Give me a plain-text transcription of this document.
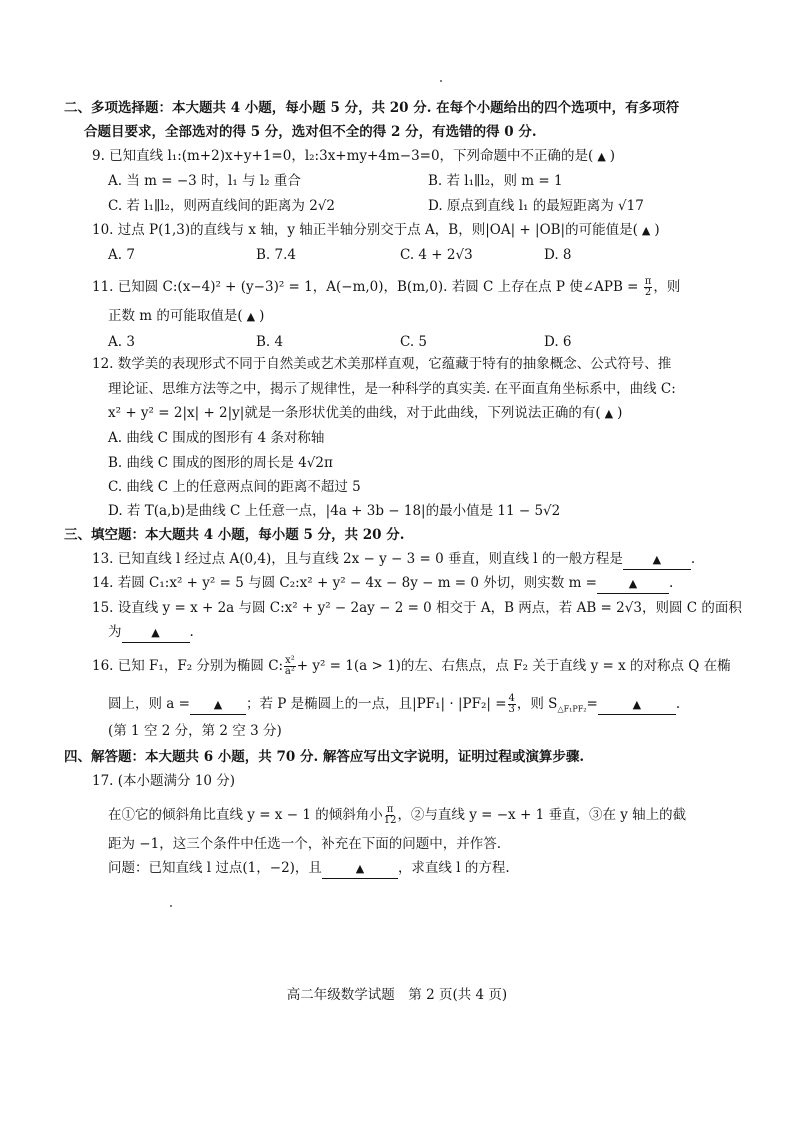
二、多项选择题：本大题共 4 小题，每小题 5 分，共 20 分. 在每个小题给出的四个选项中，有多项符
合题目要求，全部选对的得 5 分，选对但不全的得 2 分，有选错的得 0 分.
9. 已知直线 l₁:(m+2)x+y+1=0，l₂:3x+my+4m−3=0，下列命题中不正确的是( ▲ )
A. 当 m = −3 时，l₁ 与 l₂ 重合	B. 若 l₁∥l₂，则 m = 1
C. 若 l₁∥l₂，则两直线间的距离为 2√2	D. 原点到直线 l₁ 的最短距离为 √17
10. 过点 P(1,3)的直线与 x 轴，y 轴正半轴分别交于点 A，B，则|OA| + |OB|的可能值是( ▲ )
A. 7	B. 7.4	C. 4 + 2√3	D. 8
11. 已知圆 C:(x−4)² + (y−3)² = 1，A(−m,0)，B(m,0). 若圆 C 上存在点 P 使∠APB = $\frac{\pi}{2}$ ，则
正数 m 的可能取值是( ▲ )
A. 3	B. 4	C. 5	D. 6
12. 数学美的表现形式不同于自然美或艺术美那样直观，它蕴藏于特有的抽象概念、公式符号、推
理论证、思维方法等之中，揭示了规律性，是一种科学的真实美. 在平面直角坐标系中，曲线 C:
x² + y² = 2|x| + 2|y|就是一条形状优美的曲线，对于此曲线，下列说法正确的有( ▲ )
A. 曲线 C 围成的图形有 4 条对称轴
B. 曲线 C 围成的图形的周长是 4√2π
C. 曲线 C 上的任意两点间的距离不超过 5
D. 若 T(a,b)是曲线 C 上任意一点，|4a + 3b − 18|的最小值是 11 − 5√2
三、填空题：本大题共 4 小题，每小题 5 分，共 20 分.
13. 已知直线 l 经过点 A(0,4)，且与直线 2x − y − 3 = 0 垂直，则直线 l 的一般方程是	▲ .
14. 若圆 C₁:x² + y² = 5 与圆 C₂:x² + y² − 4x − 8y − m = 0 外切，则实数 m =	▲ .
15. 设直线 y = x + 2a 与圆 C:x² + y² − 2ay − 2 = 0 相交于 A，B 两点，若 AB = 2√3，则圆 C 的面积
为	▲ .
16. 已知 F₁，F₂ 分别为椭圆 C: $\frac{\text{x²}}{\text{a²}} + y^2 = 1(a > 1)$的左、右焦点，点 F₂ 关于直线 y = x 的对称点 Q 在椭
圆上，则 a = ▲ ；若 P 是椭圆上的一点，且$|PF_1| \cdot |PF_2| = \frac{4}{3}$ ，则 $S_{\triangle F_1PF_2}=$	▲	.
(第 1 空 2 分，第 2 空 3 分)
四、解答题：本大题共 6 小题，共 70 分. 解答应写出文字说明，证明过程或演算步骤.
17. (本小题满分 10 分)
在①它的倾斜角比直线 y = x − 1 的倾斜角小 $\frac{\pi}{12}$ ，②与直线 y = −x + 1 垂直，③在 y 轴上的截
距为 −1，这三个条件中任选一个，补充在下面的问题中，并作答.
问题：已知直线 l 过点(1，−2)，且	▲	，求直线 l 的方程.
高二年级数学试题　第 2 页(共 4 页)
